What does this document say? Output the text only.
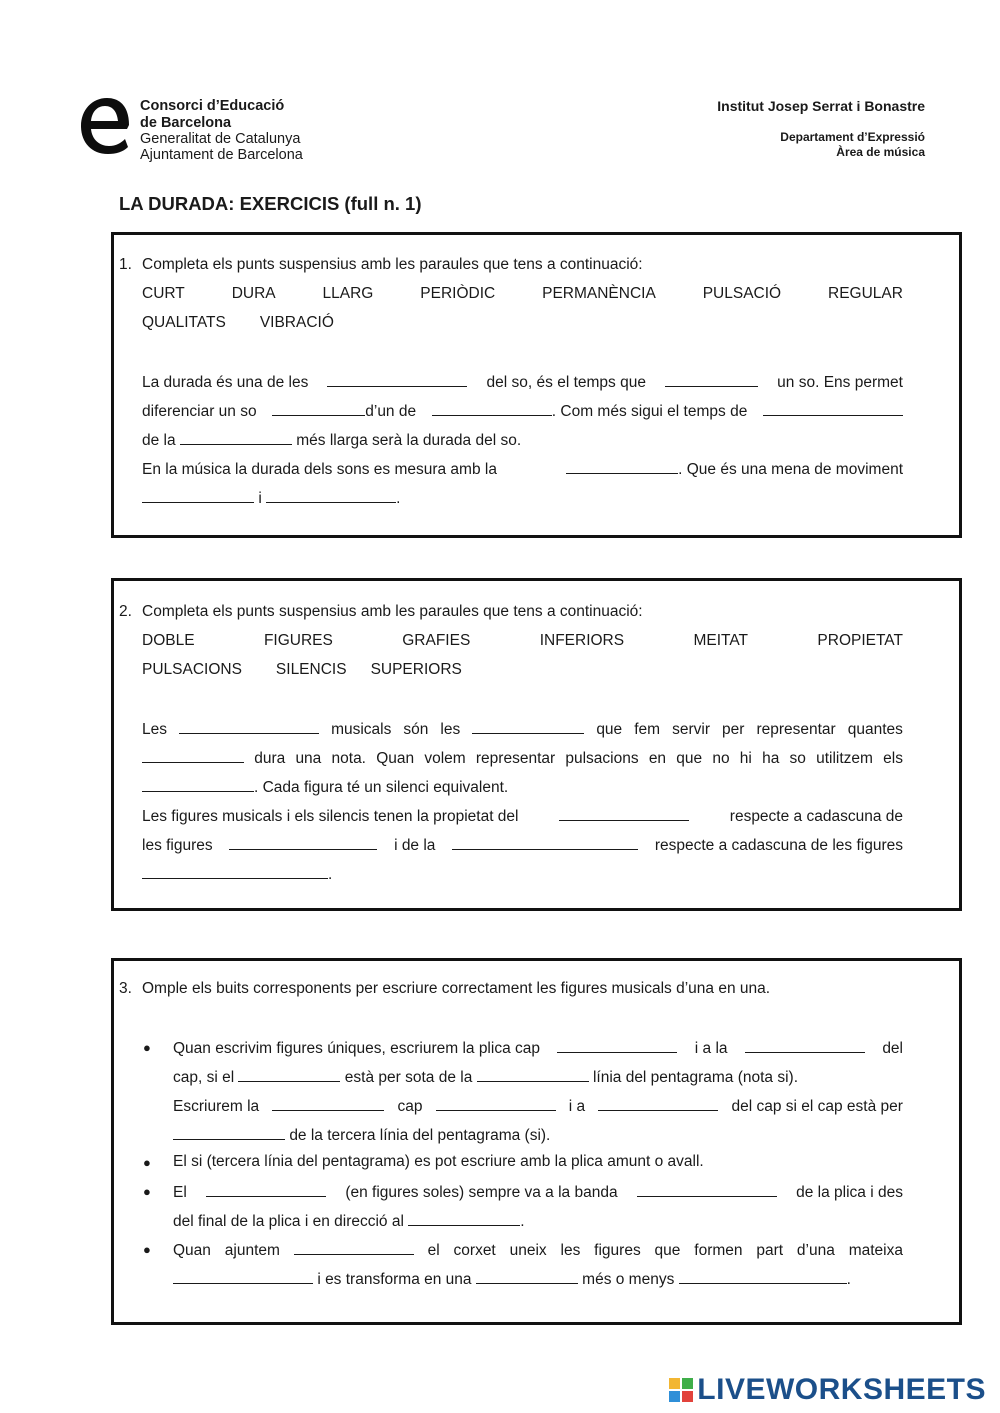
Consorci d’Educació
de Barcelona
Generalitat de Catalunya
Ajuntament de Barcelona
Institut Josep Serrat i Bonastre
Departament d’Expressió
Àrea de música
LA DURADA: EXERCICIS (full n. 1)
1. Completa els punts suspensius amb les paraules que tens a continuació:
CURT	DURA	LLARG	PERIÒDIC	PERMANÈNCIA	PULSACIÓ	REGULAR
QUALITATS VIBRACIÓ
La durada és una de les	del so, és el temps que	un so. Ens permet
diferenciar un so	d’un de	. Com més sigui el temps de
de la	més llarga serà la durada del so.
En la música la durada dels sons es mesura amb la	. Que és una mena de moviment
i	.
2. Completa els punts suspensius amb les paraules que tens a continuació:
DOBLE	FIGURES	GRAFIES	INFERIORS	MEITAT	PROPIETAT
PULSACIONS SILENCIS SUPERIORS
Les	musicals són les	que fem servir per representar quantes
dura una nota. Quan volem representar pulsacions en que no hi ha so utilitzem els
. Cada figura té un silenci equivalent.
Les figures musicals i els silencis tenen la propietat del	respecte a cadascuna de
les figures	i de la	respecte a cadascuna de les figures
.
3. Omple els buits corresponents per escriure correctament les figures musicals d’una en una.
● Quan escrivim figures úniques, escriurem la plica cap	i a la	del
cap, si el	està per sota de la	línia del pentagrama (nota si).
Escriurem la	cap	i a	del cap si el cap està per
de la tercera línia del pentagrama (si).
● El si (tercera línia del pentagrama) es pot escriure amb la plica amunt o avall.
● El	(en figures soles) sempre va a la banda	de la plica i des
del final de la plica i en direcció al	.
● Quan ajuntem	el corxet uneix les figures que formen part d’una mateixa
i es transforma en una	més o menys	.
LIVEWORKSHEETS
